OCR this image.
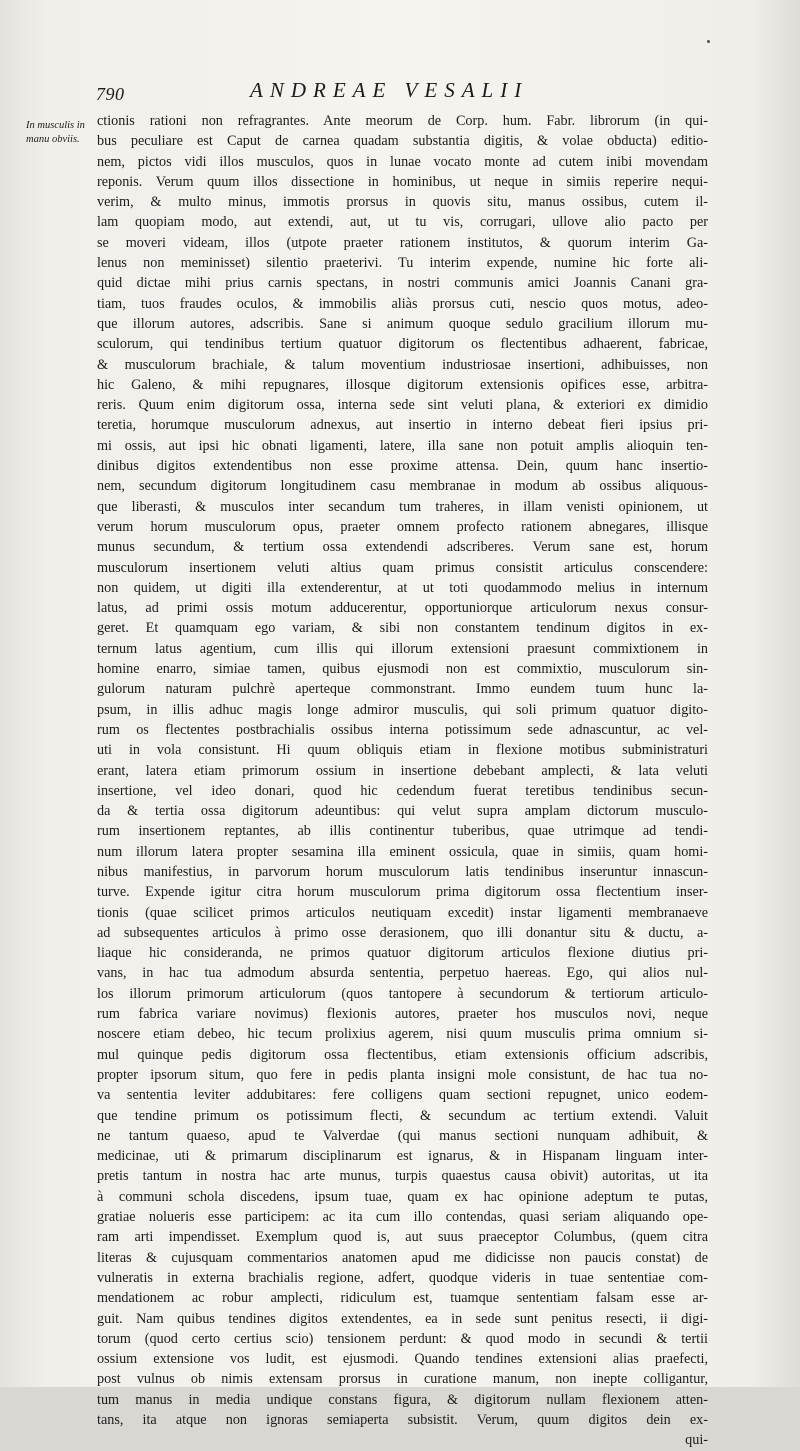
790	ANDREAE VESALII
In musculis in
manu obviis.
ctionis rationi non refragrantes. Ante meorum de Corp. hum. Fabr. librorum (in qui-
bus peculiare est Caput de carnea quadam substantia digitis, & volae obducta) editio-
nem, pictos vidi illos musculos, quos in lunae vocato monte ad cutem inibi movendam
reponis. Verum quum illos dissectione in hominibus, ut neque in simiis reperire nequi-
verim, & multo minus, immotis prorsus in quovis situ, manus ossibus, cutem il-
lam quopiam modo, aut extendi, aut, ut tu vis, corrugari, ullove alio pacto per
se moveri videam, illos (utpote praeter rationem institutos, & quorum interim Ga-
lenus non meminisset) silentio praeterivi. Tu interim expende, numine hic forte ali-
quid dictae mihi prius carnis spectans, in nostri communis amici Joannis Canani gra-
tiam, tuos fraudes oculos, & immobilis aliàs prorsus cuti, nescio quos motus, adeo-
que illorum autores, adscribis. Sane si animum quoque sedulo gracilium illorum mu-
sculorum, qui tendinibus tertium quatuor digitorum os flectentibus adhaerent, fabricae,
& musculorum brachiale, & talum moventium industriosae insertioni, adhibuisses, non
hic Galeno, & mihi repugnares, illosque digitorum extensionis opifices esse, arbitra-
reris. Quum enim digitorum ossa, interna sede sint veluti plana, & exteriori ex dimidio
teretia, horumque musculorum adnexus, aut insertio in interno debeat fieri ipsius pri-
mi ossis, aut ipsi hic obnati ligamenti, latere, illa sane non potuit amplis alioquin ten-
dinibus digitos extendentibus non esse proxime attensa. Dein, quum hanc insertio-
nem, secundum digitorum longitudinem casu membranae in modum ab ossibus aliquous-
que liberasti, & musculos inter secandum tum traheres, in illam venisti opinionem, ut
verum horum musculorum opus, praeter omnem profecto rationem abnegares, illisque
munus secundum, & tertium ossa extendendi adscriberes. Verum sane est, horum
musculorum insertionem veluti altius quam primus consistit articulus conscendere:
non quidem, ut digiti illa extenderentur, at ut toti quodammodo melius in internum
latus, ad primi ossis motum adducerentur, opportuniorque articulorum nexus consur-
geret. Et quamquam ego variam, & sibi non constantem tendinum digitos in ex-
ternum latus agentium, cum illis qui illorum extensioni praesunt commixtionem in
homine enarro, simiae tamen, quibus ejusmodi non est commixtio, musculorum sin-
gulorum naturam pulchrè aperteque commonstrant. Immo eundem tuum hunc la-
psum, in illis adhuc magis longe admiror musculis, qui soli primum quatuor digito-
rum os flectentes postbrachialis ossibus interna potissimum sede adnascuntur, ac vel-
uti in vola consistunt. Hi quum obliquis etiam in flexione motibus subministraturi
erant, latera etiam primorum ossium in insertione debebant amplecti, & lata veluti
insertione, vel ideo donari, quod hic cedendum fuerat teretibus tendinibus secun-
da & tertia ossa digitorum adeuntibus: qui velut supra amplam dictorum musculo-
rum insertionem reptantes, ab illis continentur tuberibus, quae utrimque ad tendi-
num illorum latera propter sesamina illa eminent ossicula, quae in simiis, quam homi-
nibus manifestius, in parvorum horum musculorum latis tendinibus inseruntur innascun-
turve. Expende igitur citra horum musculorum prima digitorum ossa flectentium inser-
tionis (quae scilicet primos articulos neutiquam excedit) instar ligamenti membranaeve
ad subsequentes articulos à primo osse derasionem, quo illi donantur situ & ductu, a-
liaque hic consideranda, ne primos quatuor digitorum articulos flexione diutius pri-
vans, in hac tua admodum absurda sententia, perpetuo haereas. Ego, qui alios nul-
los illorum primorum articulorum (quos tantopere à secundorum & tertiorum articulo-
rum fabrica variare novimus) flexionis autores, praeter hos musculos novi, neque
noscere etiam debeo, hic tecum prolixius agerem, nisi quum musculis prima omnium si-
mul quinque pedis digitorum ossa flectentibus, etiam extensionis officium adscribis,
propter ipsorum situm, quo fere in pedis planta insigni mole consistunt, de hac tua no-
va sententia leviter addubitares: fere colligens quam sectioni repugnet, unico eodem-
que tendine primum os potissimum flecti, & secundum ac tertium extendi. Valuit
ne tantum quaeso, apud te Valverdae (qui manus sectioni nunquam adhibuit, &
medicinae, uti & primarum disciplinarum est ignarus, & in Hispanam linguam inter-
pretis tantum in nostra hac arte munus, turpis quaestus causa obivit) autoritas, ut ita
à communi schola discedens, ipsum tuae, quam ex hac opinione adeptum te putas,
gratiae nolueris esse participem: ac ita cum illo contendas, quasi seriam aliquando ope-
ram arti impendisset. Exemplum quod is, aut suus praeceptor Columbus, (quem citra
literas & cujusquam commentarios anatomen apud me didicisse non paucis constat) de
vulneratis in externa brachialis regione, adfert, quodque videris in tuae sententiae com-
mendationem ac robur amplecti, ridiculum est, tuamque sententiam falsam esse ar-
guit. Nam quibus tendines digitos extendentes, ea in sede sunt penitus resecti, ii digi-
torum (quod certo certius scio) tensionem perdunt: & quod modo in secundi & tertii
ossium extensione vos ludit, est ejusmodi. Quando tendines extensioni alias praefecti,
post vulnus ob nimis extensam prorsus in curatione manum, non inepte colligantur,
tum manus in media undique constans figura, & digitorum nullam flexionem atten-
tans, ita atque non ignoras semiaperta subsistit. Verum, quum digitos dein ex-
qui-
